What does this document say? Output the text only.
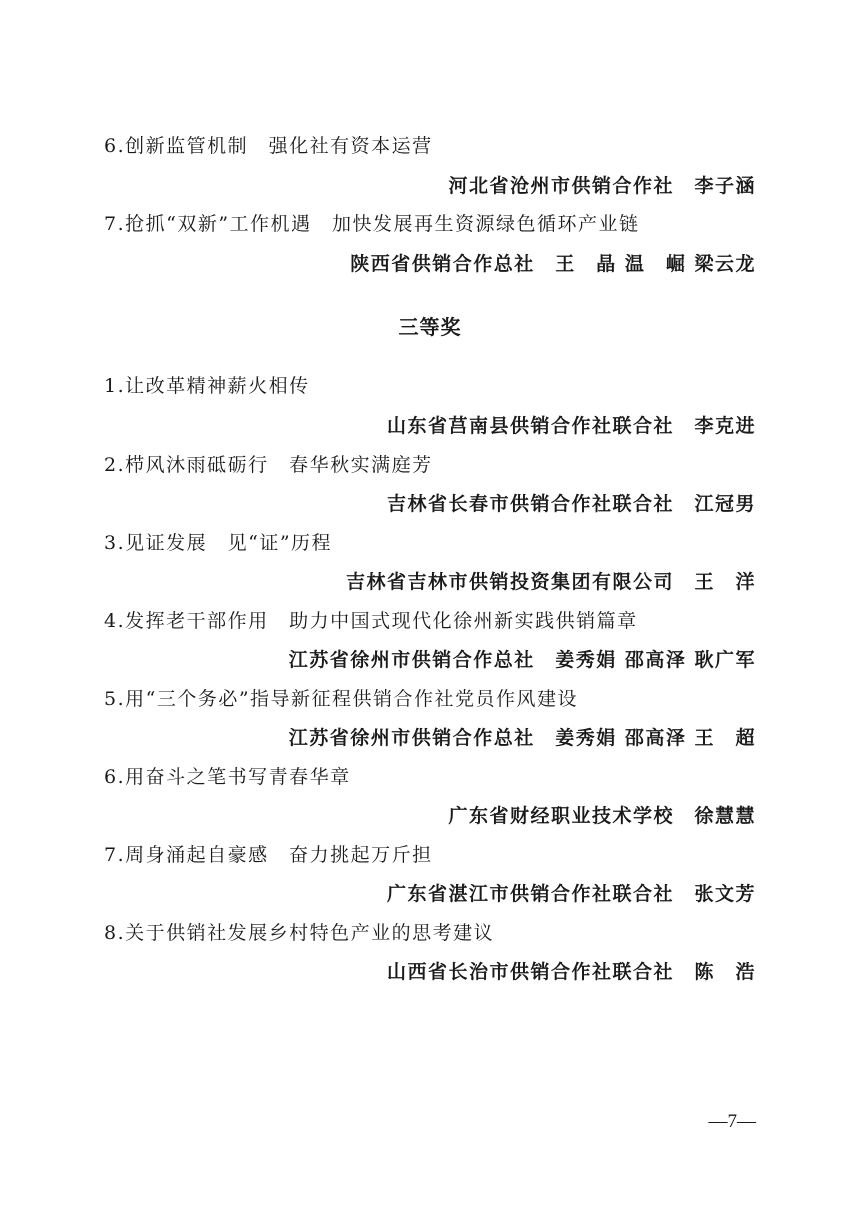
6.创新监管机制　强化社有资本运营
河北省沧州市供销合作社　李子涵
7.抢抓“双新”工作机遇　加快发展再生资源绿色循环产业链
陕西省供销合作总社　王　晶 温　崛 梁云龙
三等奖
1.让改革精神薪火相传
山东省莒南县供销合作社联合社　李克进
2.栉风沐雨砥砺行　春华秋实满庭芳
吉林省长春市供销合作社联合社　江冠男
3.见证发展　见“证”历程
吉林省吉林市供销投资集团有限公司　王　洋
4.发挥老干部作用　助力中国式现代化徐州新实践供销篇章
江苏省徐州市供销合作总社　姜秀娟 邵高泽 耿广军
5.用“三个务必”指导新征程供销合作社党员作风建设
江苏省徐州市供销合作总社　姜秀娟 邵高泽 王　超
6.用奋斗之笔书写青春华章
广东省财经职业技术学校　徐慧慧
7.周身涌起自豪感　奋力挑起万斤担
广东省湛江市供销合作社联合社　张文芳
8.关于供销社发展乡村特色产业的思考建议
山西省长治市供销合作社联合社　陈　浩
—7—
